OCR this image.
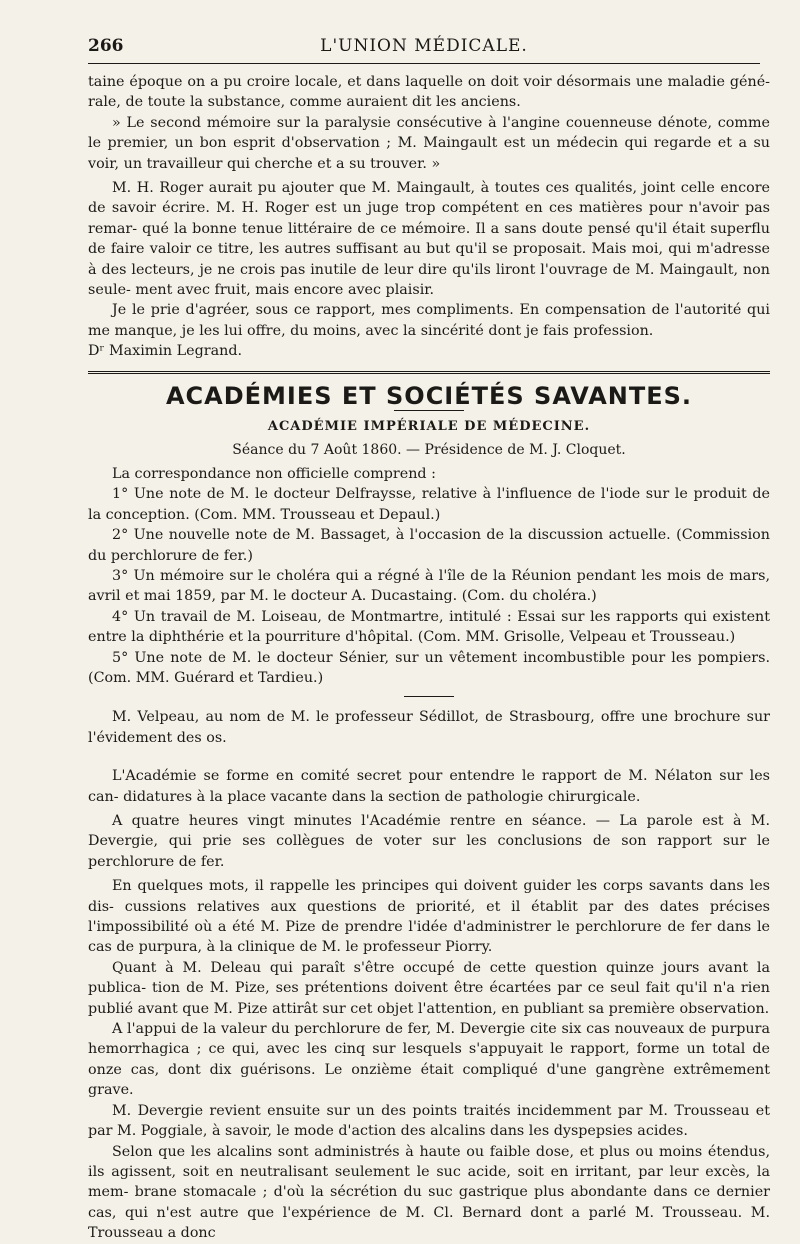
266	L'UNION MÉDICALE.

taine époque on a pu croire locale, et dans laquelle on doit voir désormais une maladie géné- rale, de toute la substance, comme auraient dit les anciens.

» Le second mémoire sur la paralysie consécutive à l'angine couenneuse dénote, comme le premier, un bon esprit d'observation ; M. Maingault est un médecin qui regarde et a su voir, un travailleur qui cherche et a su trouver. »

M. H. Roger aurait pu ajouter que M. Maingault, à toutes ces qualités, joint celle encore de savoir écrire. M. H. Roger est un juge trop compétent en ces matières pour n'avoir pas remar- qué la bonne tenue littéraire de ce mémoire. Il a sans doute pensé qu'il était superflu de faire valoir ce titre, les autres suffisant au but qu'il se proposait. Mais moi, qui m'adresse à des lecteurs, je ne crois pas inutile de leur dire qu'ils liront l'ouvrage de M. Maingault, non seule- ment avec fruit, mais encore avec plaisir.

Je le prie d'agréer, sous ce rapport, mes compliments. En compensation de l'autorité qui me manque, je les lui offre, du moins, avec la sincérité dont je fais profession.

Dʳ Maximin Legrand.

ACADÉMIES ET SOCIÉTÉS SAVANTES.
ACADÉMIE IMPÉRIALE DE MÉDECINE.
Séance du 7 Août 1860. — Présidence de M. J. Cloquet.

La correspondance non officielle comprend :

1° Une note de M. le docteur Delfraysse, relative à l'influence de l'iode sur le produit de la conception. (Com. MM. Trousseau et Depaul.)

2° Une nouvelle note de M. Bassaget, à l'occasion de la discussion actuelle. (Commission du perchlorure de fer.)

3° Un mémoire sur le choléra qui a régné à l'île de la Réunion pendant les mois de mars, avril et mai 1859, par M. le docteur A. Ducastaing. (Com. du choléra.)

4° Un travail de M. Loiseau, de Montmartre, intitulé : Essai sur les rapports qui existent entre la diphthérie et la pourriture d'hôpital. (Com. MM. Grisolle, Velpeau et Trousseau.)

5° Une note de M. le docteur Sénier, sur un vêtement incombustible pour les pompiers. (Com. MM. Guérard et Tardieu.)

M. Velpeau, au nom de M. le professeur Sédillot, de Strasbourg, offre une brochure sur l'évidement des os.

L'Académie se forme en comité secret pour entendre le rapport de M. Nélaton sur les can- didatures à la place vacante dans la section de pathologie chirurgicale.

A quatre heures vingt minutes l'Académie rentre en séance. — La parole est à M. Devergie, qui prie ses collègues de voter sur les conclusions de son rapport sur le perchlorure de fer.

En quelques mots, il rappelle les principes qui doivent guider les corps savants dans les dis- cussions relatives aux questions de priorité, et il établit par des dates précises l'impossibilité où a été M. Pize de prendre l'idée d'administrer le perchlorure de fer dans le cas de purpura, à la clinique de M. le professeur Piorry.

Quant à M. Deleau qui paraît s'être occupé de cette question quinze jours avant la publica- tion de M. Pize, ses prétentions doivent être écartées par ce seul fait qu'il n'a rien publié avant que M. Pize attirât sur cet objet l'attention, en publiant sa première observation.

A l'appui de la valeur du perchlorure de fer, M. Devergie cite six cas nouveaux de purpura hemorrhagica ; ce qui, avec les cinq sur lesquels s'appuyait le rapport, forme un total de onze cas, dont dix guérisons. Le onzième était compliqué d'une gangrène extrêmement grave.

M. Devergie revient ensuite sur un des points traités incidemment par M. Trousseau et par M. Poggiale, à savoir, le mode d'action des alcalins dans les dyspepsies acides.

Selon que les alcalins sont administrés à haute ou faible dose, et plus ou moins étendus, ils agissent, soit en neutralisant seulement le suc acide, soit en irritant, par leur excès, la mem- brane stomacale ; d'où la sécrétion du suc gastrique plus abondante dans ce dernier cas, qui n'est autre que l'expérience de M. Cl. Bernard dont a parlé M. Trousseau. M. Trousseau a donc
